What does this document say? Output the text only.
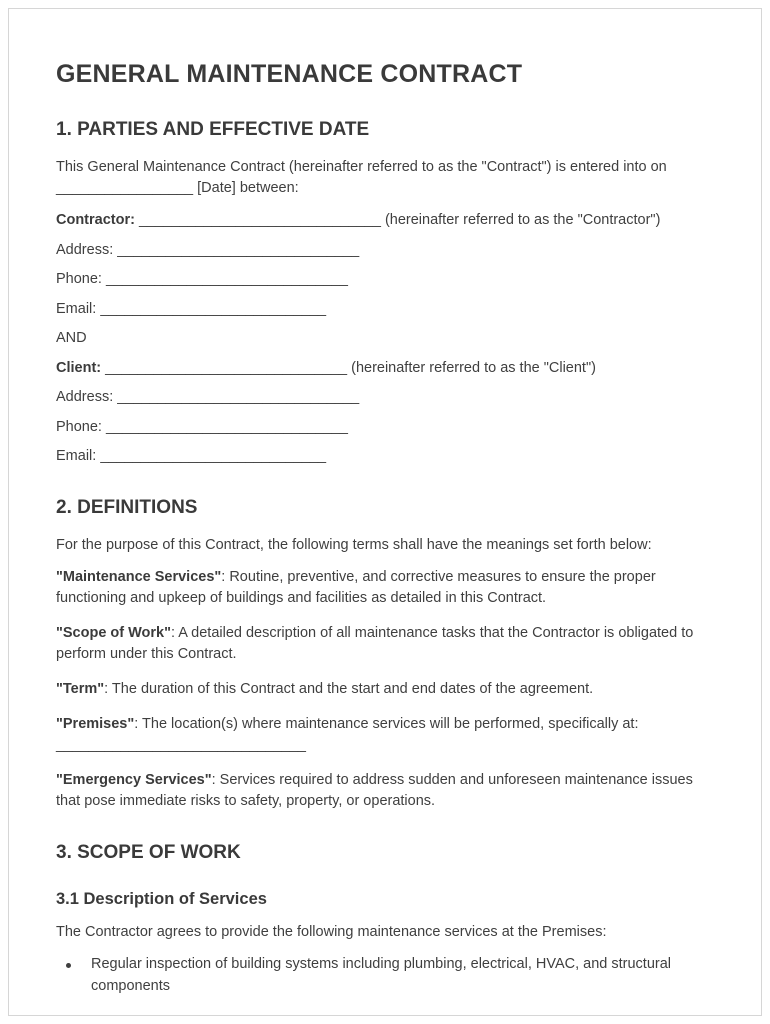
GENERAL MAINTENANCE CONTRACT
1. PARTIES AND EFFECTIVE DATE

This General Maintenance Contract (hereinafter referred to as the "Contract") is entered into on _________________ [Date] between:

Contractor: ______________________________ (hereinafter referred to as the "Contractor")

Address: ______________________________

Phone: ______________________________

Email: ____________________________

AND

Client: ______________________________ (hereinafter referred to as the "Client")

Address: ______________________________

Phone: ______________________________

Email: ____________________________

2. DEFINITIONS

For the purpose of this Contract, the following terms shall have the meanings set forth below:

"Maintenance Services": Routine, preventive, and corrective measures to ensure the proper functioning and upkeep of buildings and facilities as detailed in this Contract.

"Scope of Work": A detailed description of all maintenance tasks that the Contractor is obligated to perform under this Contract.

"Term": The duration of this Contract and the start and end dates of the agreement.

"Premises": The location(s) where maintenance services will be performed, specifically at: _______________________________

"Emergency Services": Services required to address sudden and unforeseen maintenance issues that pose immediate risks to safety, property, or operations.

3. SCOPE OF WORK
3.1 Description of Services

The Contractor agrees to provide the following maintenance services at the Premises:

Regular inspection of building systems including plumbing, electrical, HVAC, and structural components
